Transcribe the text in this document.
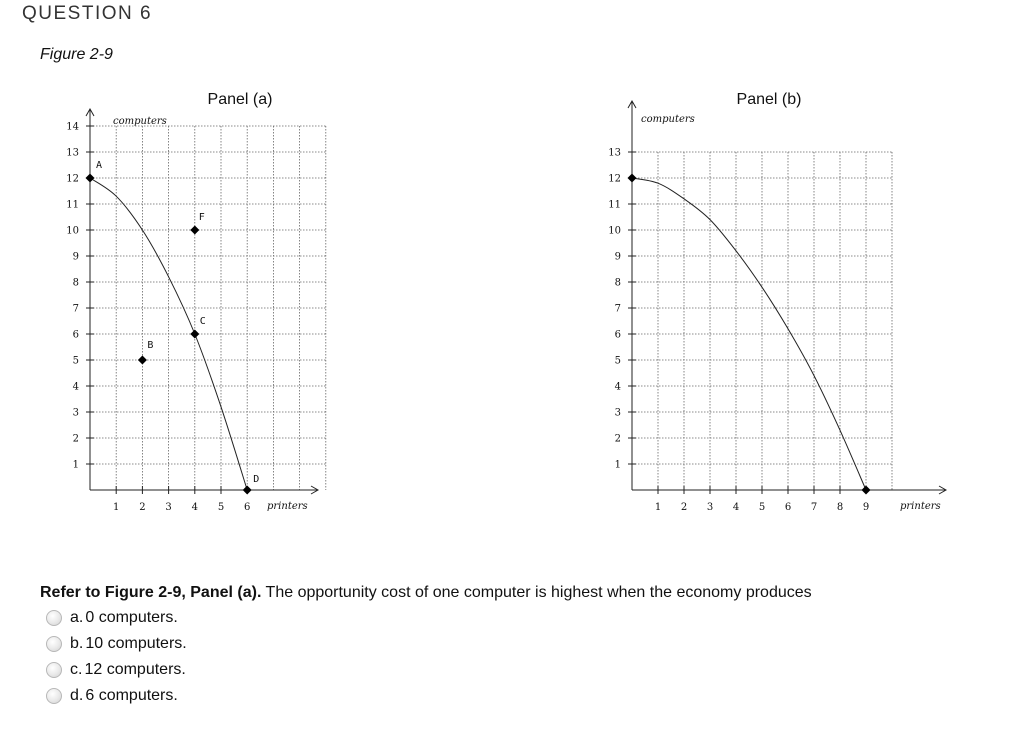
QUESTION 6
Figure 2-9
Panel (a)
1 2 3 4 5 6
1
2
3
4
5
6
7
8
9
10
11
12
13
14
A
B
C
D
F
computers
printers
Panel (b)
1 2 3 4 5 6 7 8 9
1
2
3
4
5
6
7
8
9
10
11
12
13
computers
printers
Refer to Figure 2-9, Panel (a). The opportunity cost of one computer is highest when the economy produces
a. 0 computers.
b. 10 computers.
c. 12 computers.
d. 6 computers.
